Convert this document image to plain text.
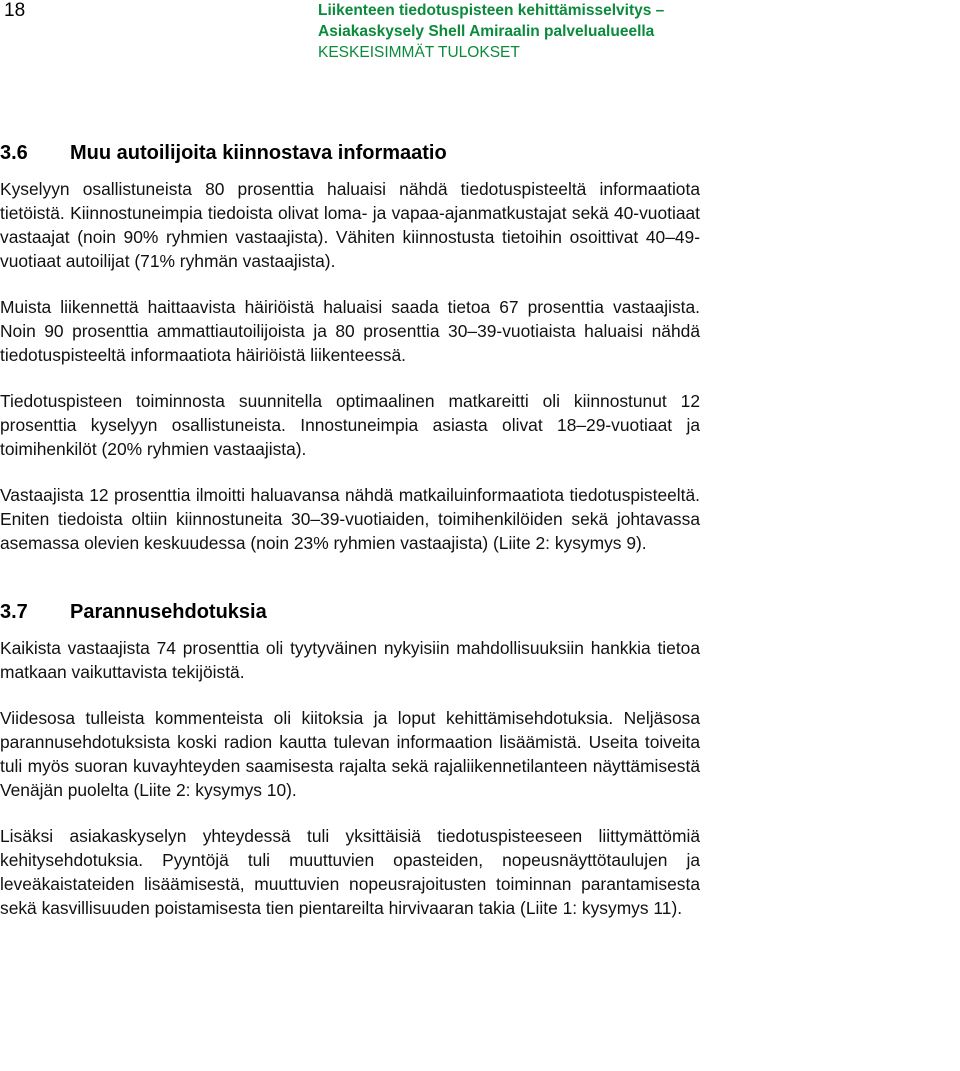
18	Liikenteen tiedotuspisteen kehittämisselvitys –
Asiakaskysely Shell Amiraalin palvelualueella
KESKEISIMMÄT TULOKSET
3.6	Muu autoilijoita kiinnostava informaatio

Kyselyyn osallistuneista 80 prosenttia haluaisi nähdä tiedotuspisteeltä informaatiota tietöistä. Kiinnostuneimpia tiedoista olivat loma- ja vapaa-ajanmatkustajat sekä 40-vuotiaat vastaajat (noin 90% ryhmien vastaajista). Vähiten kiinnostusta tietoihin osoittivat 40–49-vuotiaat autoilijat (71% ryhmän vastaajista).

Muista liikennettä haittaavista häiriöistä haluaisi saada tietoa 67 prosenttia vastaajista. Noin 90 prosenttia ammattiautoilijoista ja 80 prosenttia 30–39-vuotiaista haluaisi nähdä tiedotuspisteeltä informaatiota häiriöistä liikenteessä.

Tiedotuspisteen toiminnosta suunnitella optimaalinen matkareitti oli kiinnostunut 12 prosenttia kyselyyn osallistuneista. Innostuneimpia asiasta olivat 18–29-vuotiaat ja toimihenkilöt (20% ryhmien vastaajista).

Vastaajista 12 prosenttia ilmoitti haluavansa nähdä matkailuinformaatiota tiedotuspisteeltä. Eniten tiedoista oltiin kiinnostuneita 30–39-vuotiaiden, toimihenkilöiden sekä johtavassa asemassa olevien keskuudessa (noin 23% ryhmien vastaajista) (Liite 2: kysymys 9).

3.7	Parannusehdotuksia

Kaikista vastaajista 74 prosenttia oli tyytyväinen nykyisiin mahdollisuuksiin hankkia tietoa matkaan vaikuttavista tekijöistä.

Viidesosa tulleista kommenteista oli kiitoksia ja loput kehittämisehdotuksia. Neljäsosa parannusehdotuksista koski radion kautta tulevan informaation lisäämistä. Useita toiveita tuli myös suoran kuvayhteyden saamisesta rajalta sekä rajaliikennetilanteen näyttämisestä Venäjän puolelta (Liite 2: kysymys 10).

Lisäksi asiakaskyselyn yhteydessä tuli yksittäisiä tiedotuspisteeseen liittymättömiä kehitysehdotuksia. Pyyntöjä tuli muuttuvien opasteiden, nopeusnäyttötaulujen ja leveäkaistateiden lisäämisestä, muuttuvien nopeusrajoitusten toiminnan parantamisesta sekä kasvillisuuden poistamisesta tien pientareilta hirvivaaran takia (Liite 1: kysymys 11).
